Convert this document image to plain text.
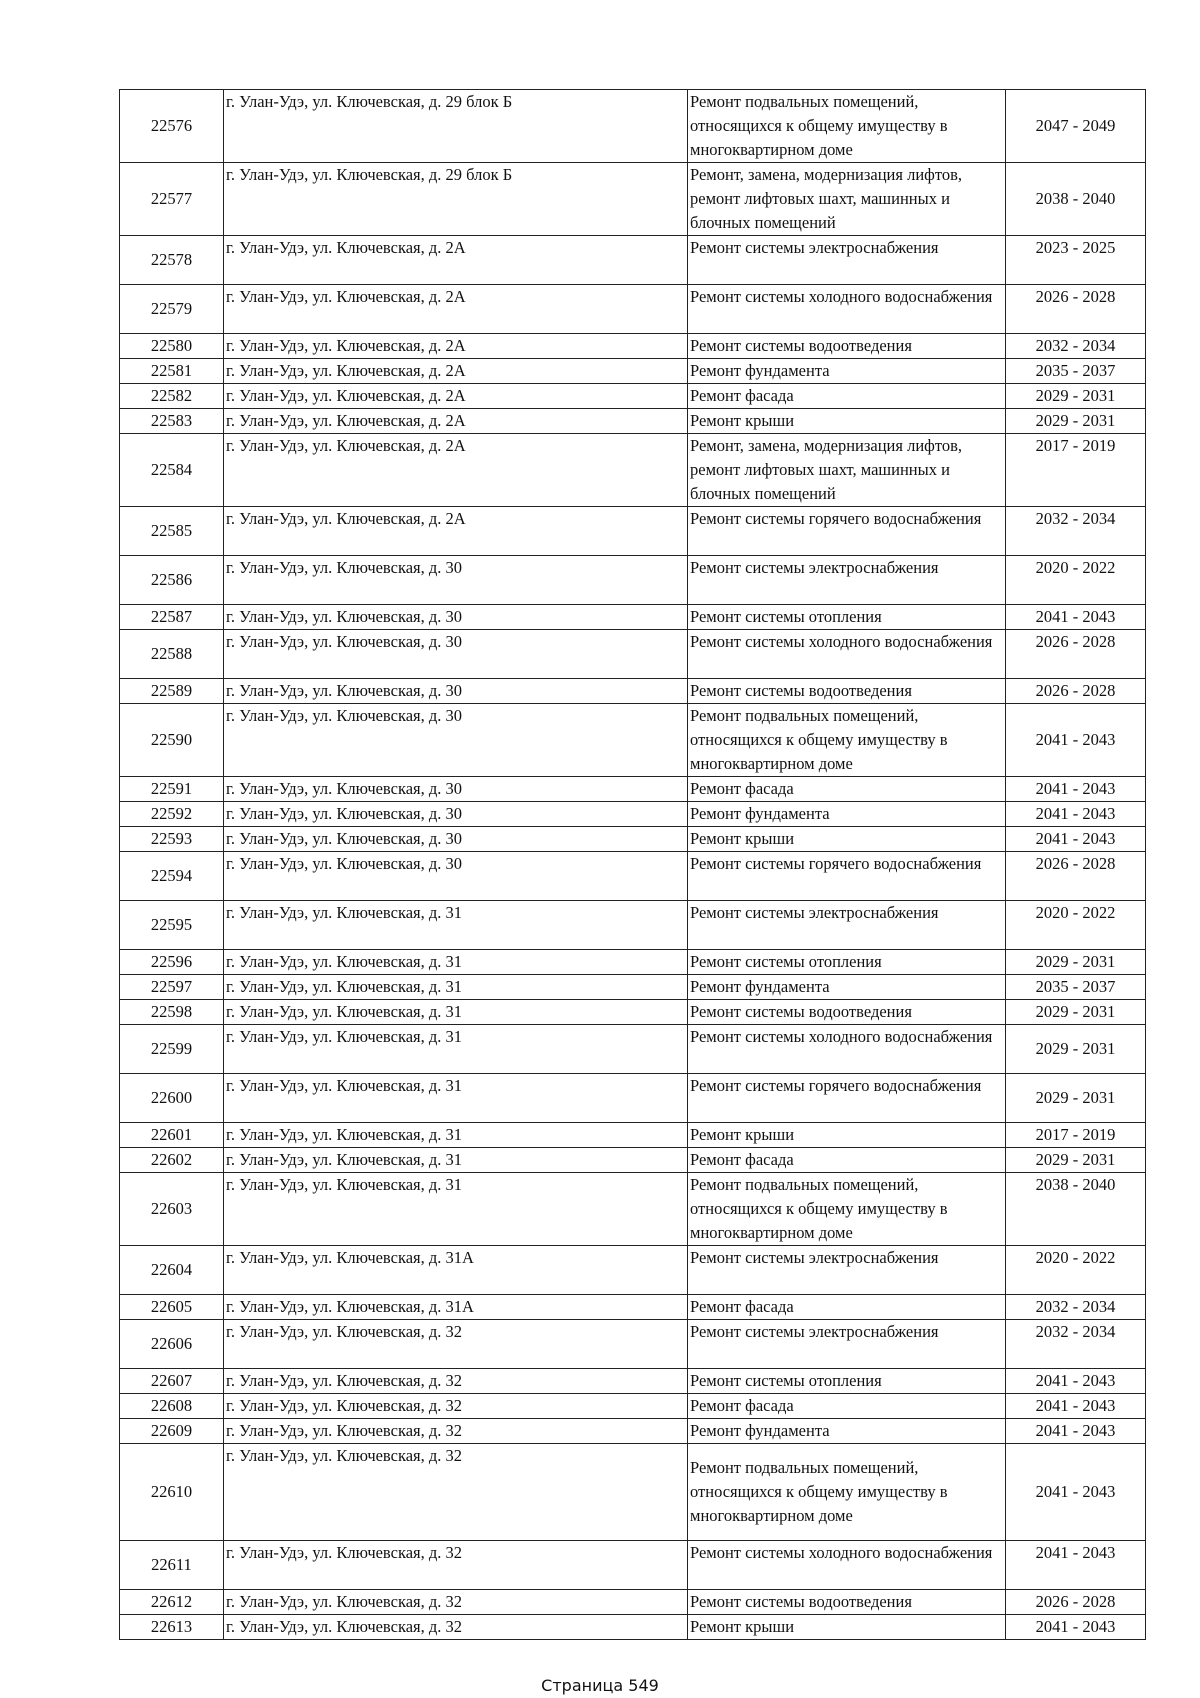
22576	г. Улан-Удэ, ул. Ключевская, д. 29 блок Б	Ремонт подвальных помещений, относящихся к общему имуществу в многоквартирном доме	2047 - 2049
22577	г. Улан-Удэ, ул. Ключевская, д. 29 блок Б	Ремонт, замена, модернизация лифтов, ремонт лифтовых шахт, машинных и блочных помещений	2038 - 2040
22578	г. Улан-Удэ, ул. Ключевская, д. 2А	Ремонт системы электроснабжения	2023 - 2025
22579	г. Улан-Удэ, ул. Ключевская, д. 2А	Ремонт системы холодного водоснабжения	2026 - 2028
22580	г. Улан-Удэ, ул. Ключевская, д. 2А	Ремонт системы водоотведения	2032 - 2034
22581	г. Улан-Удэ, ул. Ключевская, д. 2А	Ремонт фундамента	2035 - 2037
22582	г. Улан-Удэ, ул. Ключевская, д. 2А	Ремонт фасада	2029 - 2031
22583	г. Улан-Удэ, ул. Ключевская, д. 2А	Ремонт крыши	2029 - 2031
22584	г. Улан-Удэ, ул. Ключевская, д. 2А	Ремонт, замена, модернизация лифтов, ремонт лифтовых шахт, машинных и блочных помещений	2017 - 2019
22585	г. Улан-Удэ, ул. Ключевская, д. 2А	Ремонт системы горячего водоснабжения	2032 - 2034
22586	г. Улан-Удэ, ул. Ключевская, д. 30	Ремонт системы электроснабжения	2020 - 2022
22587	г. Улан-Удэ, ул. Ключевская, д. 30	Ремонт системы отопления	2041 - 2043
22588	г. Улан-Удэ, ул. Ключевская, д. 30	Ремонт системы холодного водоснабжения	2026 - 2028
22589	г. Улан-Удэ, ул. Ключевская, д. 30	Ремонт системы водоотведения	2026 - 2028
22590	г. Улан-Удэ, ул. Ключевская, д. 30	Ремонт подвальных помещений, относящихся к общему имуществу в многоквартирном доме	2041 - 2043
22591	г. Улан-Удэ, ул. Ключевская, д. 30	Ремонт фасада	2041 - 2043
22592	г. Улан-Удэ, ул. Ключевская, д. 30	Ремонт фундамента	2041 - 2043
22593	г. Улан-Удэ, ул. Ключевская, д. 30	Ремонт крыши	2041 - 2043
22594	г. Улан-Удэ, ул. Ключевская, д. 30	Ремонт системы горячего водоснабжения	2026 - 2028
22595	г. Улан-Удэ, ул. Ключевская, д. 31	Ремонт системы электроснабжения	2020 - 2022
22596	г. Улан-Удэ, ул. Ключевская, д. 31	Ремонт системы отопления	2029 - 2031
22597	г. Улан-Удэ, ул. Ключевская, д. 31	Ремонт фундамента	2035 - 2037
22598	г. Улан-Удэ, ул. Ключевская, д. 31	Ремонт системы водоотведения	2029 - 2031
22599	г. Улан-Удэ, ул. Ключевская, д. 31	Ремонт системы холодного водоснабжения	2029 - 2031
22600	г. Улан-Удэ, ул. Ключевская, д. 31	Ремонт системы горячего водоснабжения	2029 - 2031
22601	г. Улан-Удэ, ул. Ключевская, д. 31	Ремонт крыши	2017 - 2019
22602	г. Улан-Удэ, ул. Ключевская, д. 31	Ремонт фасада	2029 - 2031
22603	г. Улан-Удэ, ул. Ключевская, д. 31	Ремонт подвальных помещений, относящихся к общему имуществу в многоквартирном доме	2038 - 2040
22604	г. Улан-Удэ, ул. Ключевская, д. 31А	Ремонт системы электроснабжения	2020 - 2022
22605	г. Улан-Удэ, ул. Ключевская, д. 31А	Ремонт фасада	2032 - 2034
22606	г. Улан-Удэ, ул. Ключевская, д. 32	Ремонт системы электроснабжения	2032 - 2034
22607	г. Улан-Удэ, ул. Ключевская, д. 32	Ремонт системы отопления	2041 - 2043
22608	г. Улан-Удэ, ул. Ключевская, д. 32	Ремонт фасада	2041 - 2043
22609	г. Улан-Удэ, ул. Ключевская, д. 32	Ремонт фундамента	2041 - 2043
22610	г. Улан-Удэ, ул. Ключевская, д. 32	Ремонт подвальных помещений, относящихся к общему имуществу в многоквартирном доме	2041 - 2043
22611	г. Улан-Удэ, ул. Ключевская, д. 32	Ремонт системы холодного водоснабжения	2041 - 2043
22612	г. Улан-Удэ, ул. Ключевская, д. 32	Ремонт системы водоотведения	2026 - 2028
22613	г. Улан-Удэ, ул. Ключевская, д. 32	Ремонт крыши	2041 - 2043
Страница 549
